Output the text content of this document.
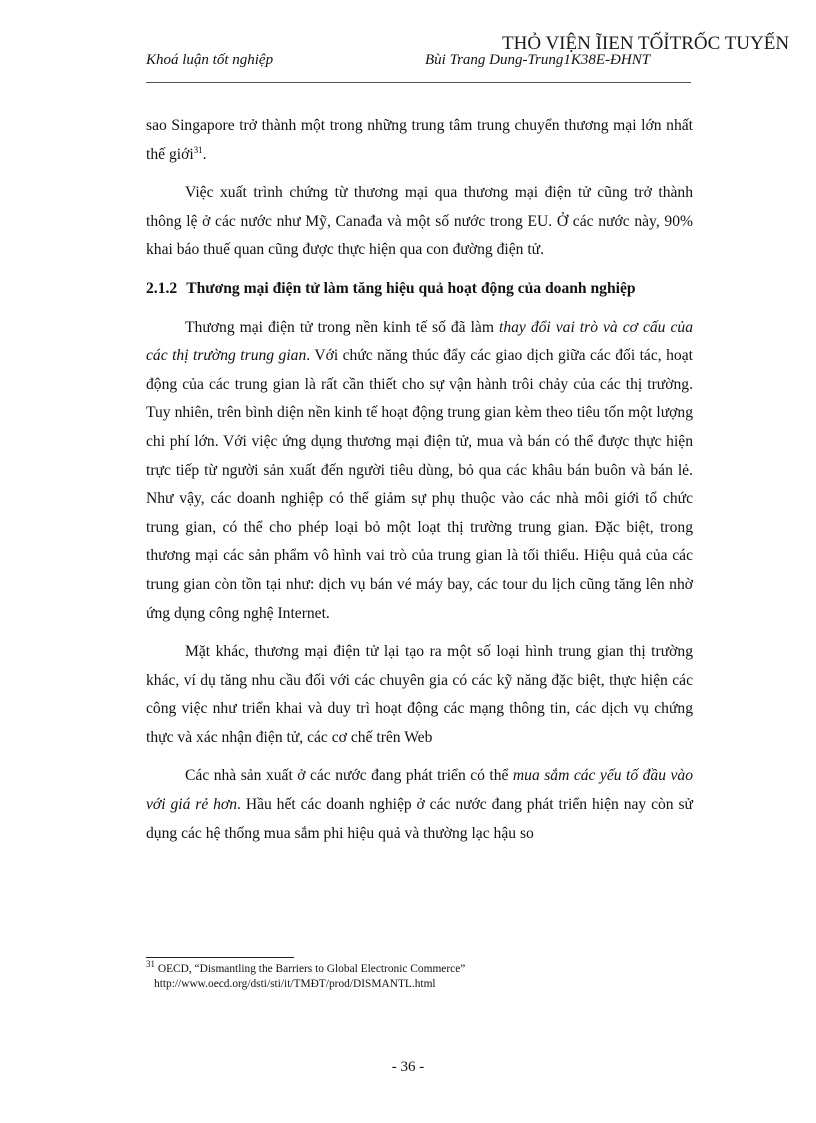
THỎ VIỆN ĨIEN TỐỈTRỐC TUYẾN
Khoá luận tốt nghiệp	Bùi Trang Dung-Trung1K38E-ĐHNT

sao Singapore trở thành một trong những trung tâm trung chuyển thương mại lớn nhất thế giới$^{31}$.

Việc xuất trình chứng từ thương mại qua thương mại điện tử cũng trở thành thông lệ ở các nước như Mỹ, Canađa và một số nước trong EU. Ở các nước này, 90% khai báo thuế quan cũng được thực hiện qua con đường điện tử.

2.1.2 Thương mại điện tử làm tăng hiệu quả hoạt động của doanh nghiệp

Thương mại điện tử trong nền kinh tế số đã làm thay đổi vai trò và cơ cấu của các thị trường trung gian. Với chức năng thúc đẩy các giao dịch giữa các đối tác, hoạt động của các trung gian là rất cần thiết cho sự vận hành trôi chảy của các thị trường. Tuy nhiên, trên bình diện nền kinh tế hoạt động trung gian kèm theo tiêu tốn một lượng chi phí lớn. Với việc ứng dụng thương mại điện tử, mua và bán có thể được thực hiện trực tiếp từ người sản xuất đến người tiêu dùng, bỏ qua các khâu bán buôn và bán lẻ. Như vậy, các doanh nghiệp có thể giảm sự phụ thuộc vào các nhà môi giới tổ chức trung gian, có thể cho phép loại bỏ một loạt thị trường trung gian. Đặc biệt, trong thương mại các sản phẩm vô hình vai trò của trung gian là tối thiểu. Hiệu quả của các trung gian còn tồn tại như: dịch vụ bán vé máy bay, các tour du lịch cũng tăng lên nhờ ứng dụng công nghệ Internet.

Mặt khác, thương mại điện tử lại tạo ra một số loại hình trung gian thị trường khác, ví dụ tăng nhu cầu đối với các chuyên gia có các kỹ năng đặc biệt, thực hiện các công việc như triển khai và duy trì hoạt động các mạng thông tin, các dịch vụ chứng thực và xác nhận điện tử, các cơ chế trên Web

Các nhà sản xuất ở các nước đang phát triển có thể mua sắm các yếu tố đầu vào với giá rẻ hơn. Hầu hết các doanh nghiệp ở các nước đang phát triển hiện nay còn sử dụng các hệ thống mua sắm phi hiệu quả và thường lạc hậu so

$^{31}$ OECD, “Dismantling the Barriers to Global Electronic Commerce”
http://www.oecd.org/dsti/sti/it/TMĐT/prod/DISMANTL.html
- 36 -
